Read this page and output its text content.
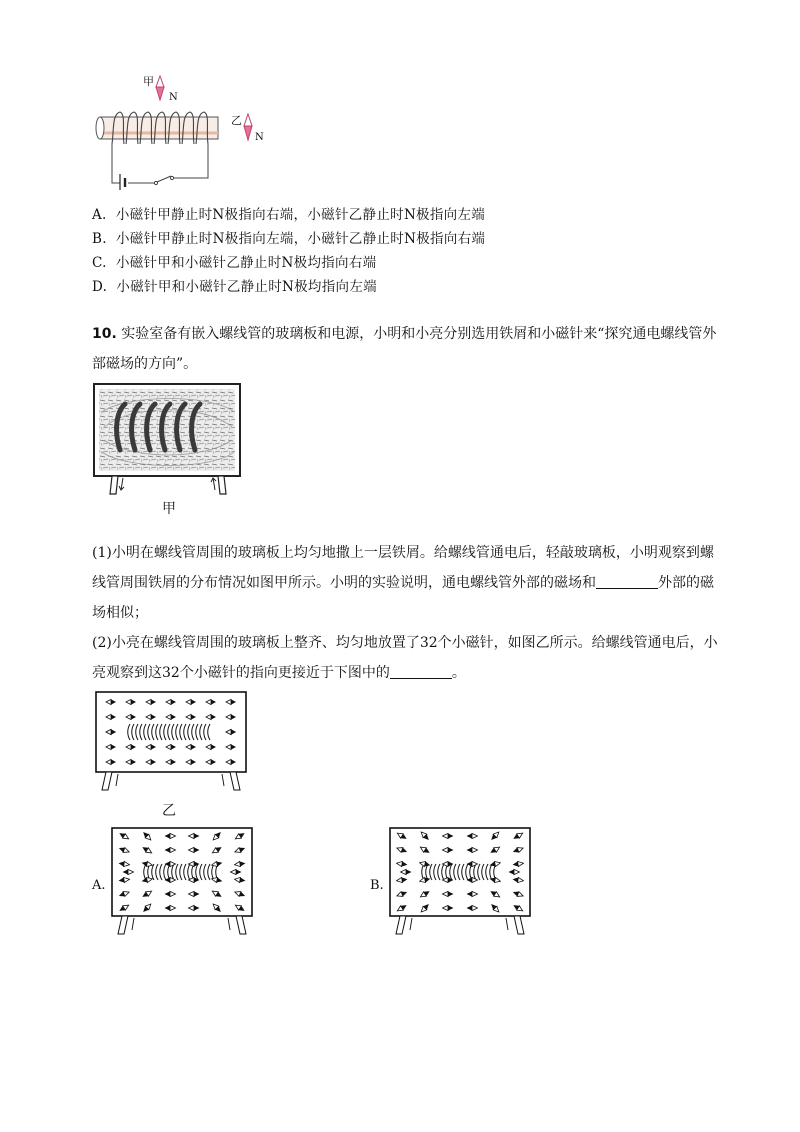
甲
N
乙
N
A. 小磁针甲静止时N极指向右端，小磁针乙静止时N极指向左端
B. 小磁针甲静止时N极指向左端，小磁针乙静止时N极指向右端
C. 小磁针甲和小磁针乙静止时N极均指向右端
D. 小磁针甲和小磁针乙静止时N极均指向左端
10. 实验室备有嵌入螺线管的玻璃板和电源，小明和小亮分别选用铁屑和小磁针来“探究通电螺线管外部磁场的方向”。
甲
(1)小明在螺线管周围的玻璃板上均匀地撒上一层铁屑。给螺线管通电后，轻敲玻璃板，小明观察到螺线管周围铁屑的分布情况如图甲所示。小明的实验说明，通电螺线管外部的磁场和	外部的磁场相似；
(2)小亮在螺线管周围的玻璃板上整齐、均匀地放置了32个小磁针，如图乙所示。给螺线管通电后，小亮观察到这32个小磁针的指向更接近于下图中的	。
乙
A.	B.
